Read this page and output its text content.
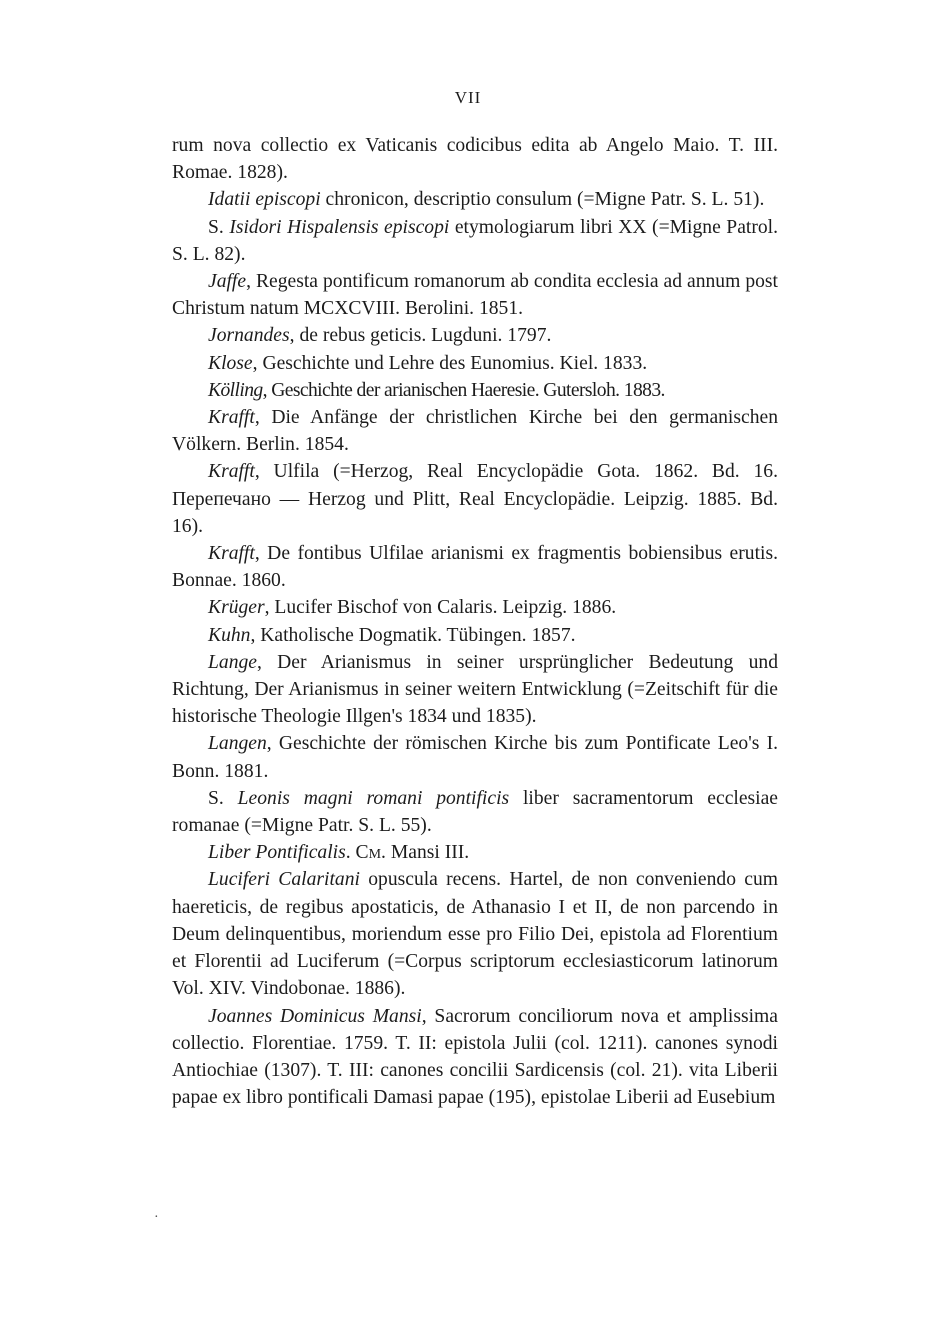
VII

rum nova collectio ex Vaticanis codicibus edita ab Angelo Maio. T. III. Romae. 1828).

Idatii episcopi chronicon, descriptio consulum (=Migne Patr. S. L. 51).

S. Isidori Hispalensis episcopi etymologiarum libri XX (=Migne Patrol. S. L. 82).

Jaffe, Regesta pontificum romanorum ab condita ecclesia ad annum post Christum natum MCXCVIII. Berolini. 1851.

Jornandes, de rebus geticis. Lugduni. 1797.

Klose, Geschichte und Lehre des Eunomius. Kiel. 1833.

Kölling, Geschichte der arianischen Haeresie. Gutersloh. 1883.

Krafft, Die Anfänge der christlichen Kirche bei den germanischen Völkern. Berlin. 1854.

Krafft, Ulfila (=Herzog, Real Encyclopädie Gota. 1862. Bd. 16. Перепечано — Herzog und Plitt, Real Encyclopädie. Leipzig. 1885. Bd. 16).

Krafft, De fontibus Ulfilae arianismi ex fragmentis bobiensibus erutis. Bonnae. 1860.

Krüger, Lucifer Bischof von Calaris. Leipzig. 1886.

Kuhn, Katholische Dogmatik. Tübingen. 1857.

Lange, Der Arianismus in seiner ursprünglicher Bedeutung und Richtung, Der Arianismus in seiner weitern Entwicklung (=Zeitschift für die historische Theologie Illgen's 1834 und 1835).

Langen, Geschichte der römischen Kirche bis zum Pontificate Leo's I. Bonn. 1881.

S. Leonis magni romani pontificis liber sacramentorum ecclesiae romanae (=Migne Patr. S. L. 55).

Liber Pontificalis. См. Mansi III.

Luciferi Calaritani opuscula recens. Hartel, de non conveniendo cum haereticis, de regibus apostaticis, de Athanasio I et II, de non parcendo in Deum delinquentibus, moriendum esse pro Filio Dei, epistola ad Florentium et Florentii ad Luciferum (=Corpus scriptorum ecclesiasticorum latinorum Vol. XIV. Vindobonae. 1886).

Joannes Dominicus Mansi, Sacrorum conciliorum nova et amplissima collectio. Florentiae. 1759. T. II: epistola Julii (col. 1211). canones synodi Antiochiae (1307). T. III: canones concilii Sardicensis (col. 21). vita Liberii papae ex libro pontificali Damasi papae (195), epistolae Liberii ad Eusebium

·
